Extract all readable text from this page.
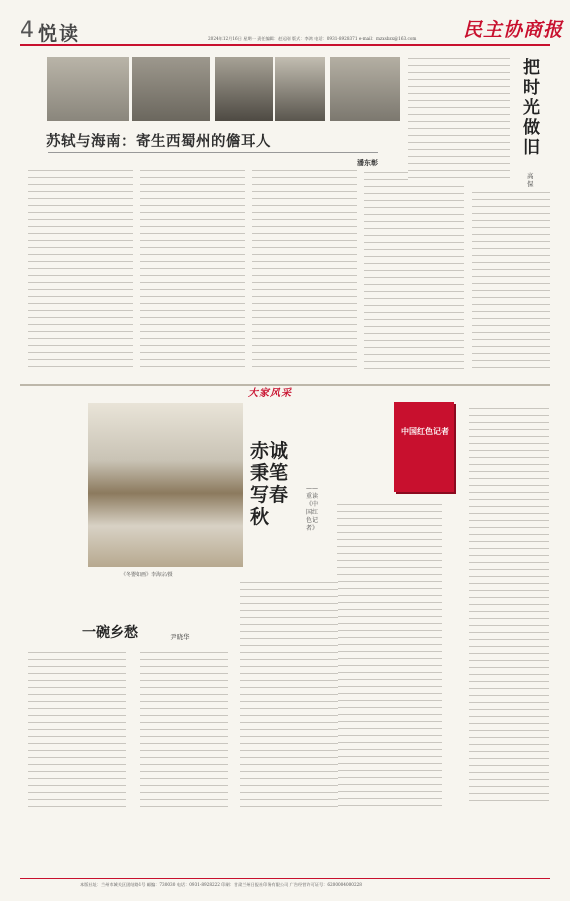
4 悦读	民主协商报
2024年12月16日 星期一 责任编辑：赵运刚 版式：李鸿 电话：0931-8928371 e-mail：mzxsbzx@163.com
苏轼与海南：寄生西蜀州的儋耳人
潘东彰
把时光做旧
高保
大家风采
《冬婴如画》李海宗/摄
赤诚秉笔写春秋
——重读《中国红色记者》
中国红色记者
一碗乡愁	尹晓华
本版社址：兰州市城关区团结路1号 邮编：730030 电话：0931-8928222 印刷：甘肃兰州日报社印务有限公司 广告经营许可证号：6200004000228
